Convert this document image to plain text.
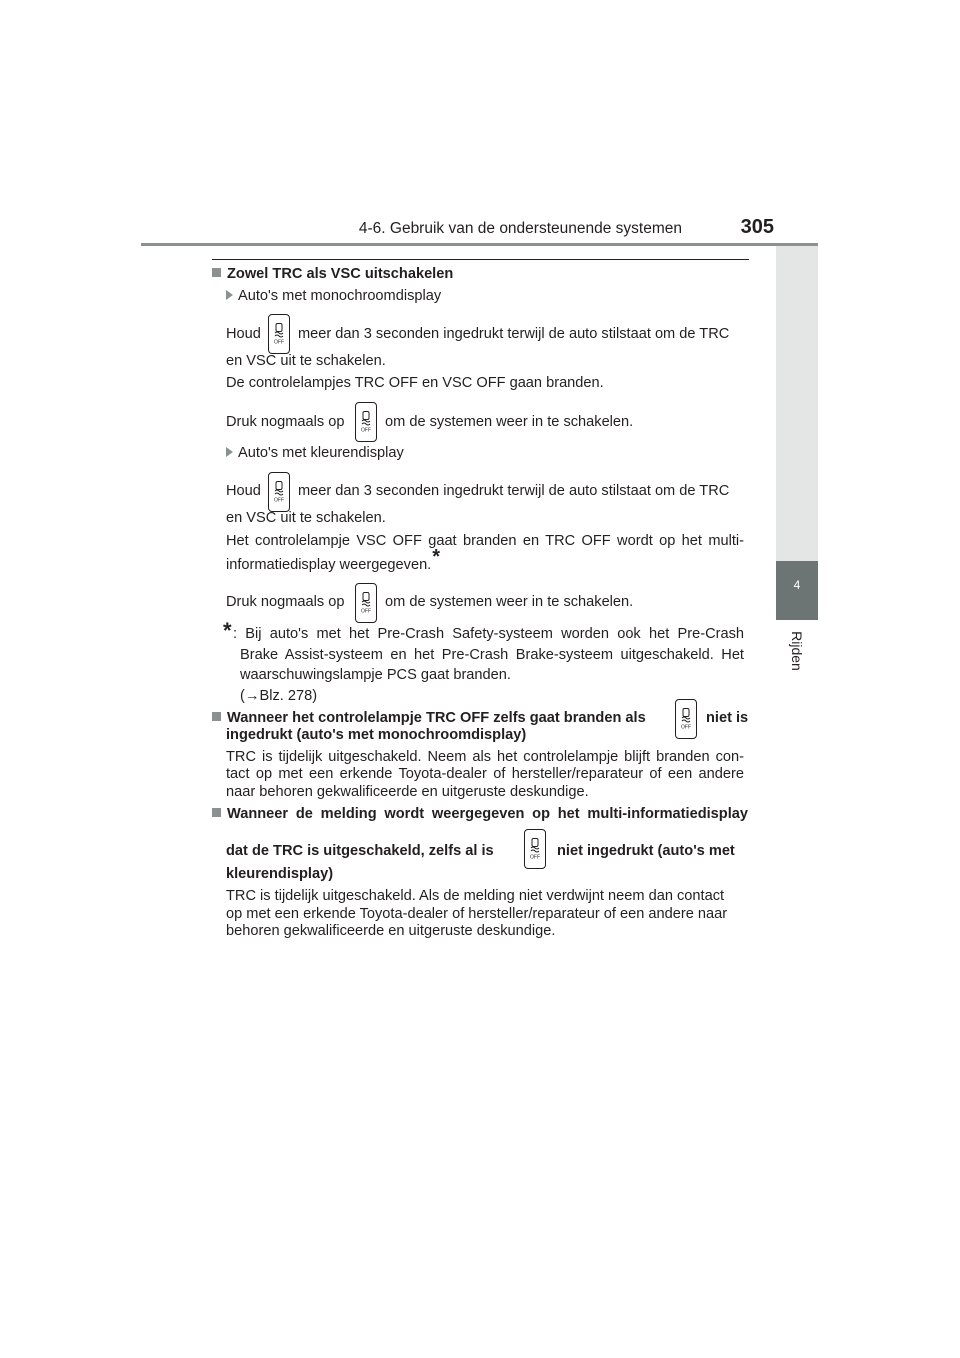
4-6. Gebruik van de ondersteunende systemen	305
4
Rijden
Zowel TRC als VSC uitschakelen
Auto's met monochroomdisplay
Houd
OFF
meer dan 3 seconden ingedrukt terwijl de auto stilstaat om de TRC
en VSC uit te schakelen.
De controlelampjes TRC OFF en VSC OFF gaan branden.
Druk nogmaals op
OFF
om de systemen weer in te schakelen.
Auto's met kleurendisplay
Houd
OFF
meer dan 3 seconden ingedrukt terwijl de auto stilstaat om de TRC
en VSC uit te schakelen.
Het controlelampje VSC OFF gaat branden en TRC OFF wordt op het multi-
informatiedisplay weergegeven.*
Druk nogmaals op
OFF
om de systemen weer in te schakelen.
* : Bij auto's met het Pre-Crash Safety-systeem worden ook het Pre-Crash
Brake Assist-systeem en het Pre-Crash Brake-systeem uitgeschakeld. Het
waarschuwingslampje PCS gaat branden.
(→Blz. 278)
Wanneer het controlelampje TRC OFF zelfs gaat branden als
OFF
niet is
ingedrukt (auto's met monochroomdisplay)
TRC is tijdelijk uitgeschakeld. Neem als het controlelampje blijft branden con-
tact op met een erkende Toyota-dealer of hersteller/reparateur of een andere
naar behoren gekwalificeerde en uitgeruste deskundige.
Wanneer de melding wordt weergegeven op het multi-informatiedisplay
dat de TRC is uitgeschakeld, zelfs al is	OFF niet ingedrukt (auto's met
kleurendisplay)
TRC is tijdelijk uitgeschakeld. Als de melding niet verdwijnt neem dan contact
op met een erkende Toyota-dealer of hersteller/reparateur of een andere naar
behoren gekwalificeerde en uitgeruste deskundige.
